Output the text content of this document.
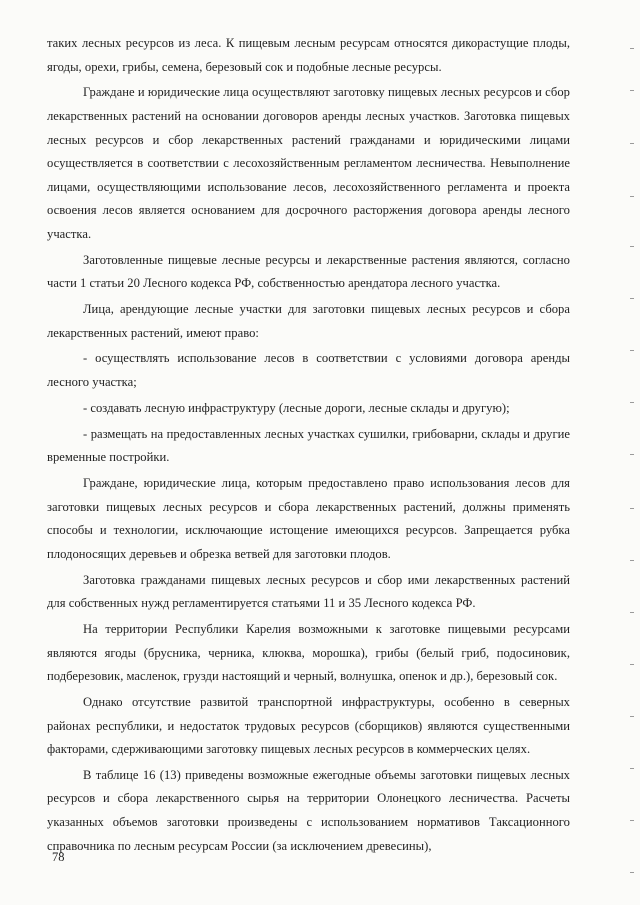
таких лесных ресурсов из леса. К пищевым лесным ресурсам относятся дикорастущие плоды, ягоды, орехи, грибы, семена, березовый сок и подобные лесные ресурсы.

Граждане и юридические лица осуществляют заготовку пищевых лесных ресурсов и сбор лекарственных растений на основании договоров аренды лесных участков. Заготовка пищевых лесных ресурсов и сбор лекарственных растений гражданами и юридическими лицами осуществляется в соответствии с лесохозяйственным регламентом лесничества. Невыполнение лицами, осуществляющими использование лесов, лесохозяйственного регламента и проекта освоения лесов является основанием для досрочного расторжения договора аренды лесного участка.

Заготовленные пищевые лесные ресурсы и лекарственные растения являются, согласно части 1 статьи 20 Лесного кодекса РФ, собственностью арендатора лесного участка.

Лица, арендующие лесные участки для заготовки пищевых лесных ресурсов и сбора лекарственных растений, имеют право:

- осуществлять использование лесов в соответствии с условиями договора аренды лесного участка;

- создавать лесную инфраструктуру (лесные дороги, лесные склады и другую);

- размещать на предоставленных лесных участках сушилки, грибоварни, склады и другие временные постройки.

Граждане, юридические лица, которым предоставлено право использования лесов для заготовки пищевых лесных ресурсов и сбора лекарственных растений, должны применять способы и технологии, исключающие истощение имеющихся ресурсов. Запрещается рубка плодоносящих деревьев и обрезка ветвей для заготовки плодов.

Заготовка гражданами пищевых лесных ресурсов и сбор ими лекарственных растений для собственных нужд регламентируется статьями 11 и 35 Лесного кодекса РФ.

На территории Республики Карелия возможными к заготовке пищевыми ресурсами являются ягоды (брусника, черника, клюква, морошка), грибы (белый гриб, подосиновик, подберезовик, масленок, грузди настоящий и черный, волнушка, опенок и др.), березовый сок.

Однако отсутствие развитой транспортной инфраструктуры, особенно в северных районах республики, и недостаток трудовых ресурсов (сборщиков) являются существенными факторами, сдерживающими заготовку пищевых лесных ресурсов в коммерческих целях.

В таблице 16 (13) приведены возможные ежегодные объемы заготовки пищевых лесных ресурсов и сбора лекарственного сырья на территории Олонецкого лесничества. Расчеты указанных объемов заготовки произведены с использованием нормативов Таксационного справочника по лесным ресурсам России (за исключением древесины),

78
